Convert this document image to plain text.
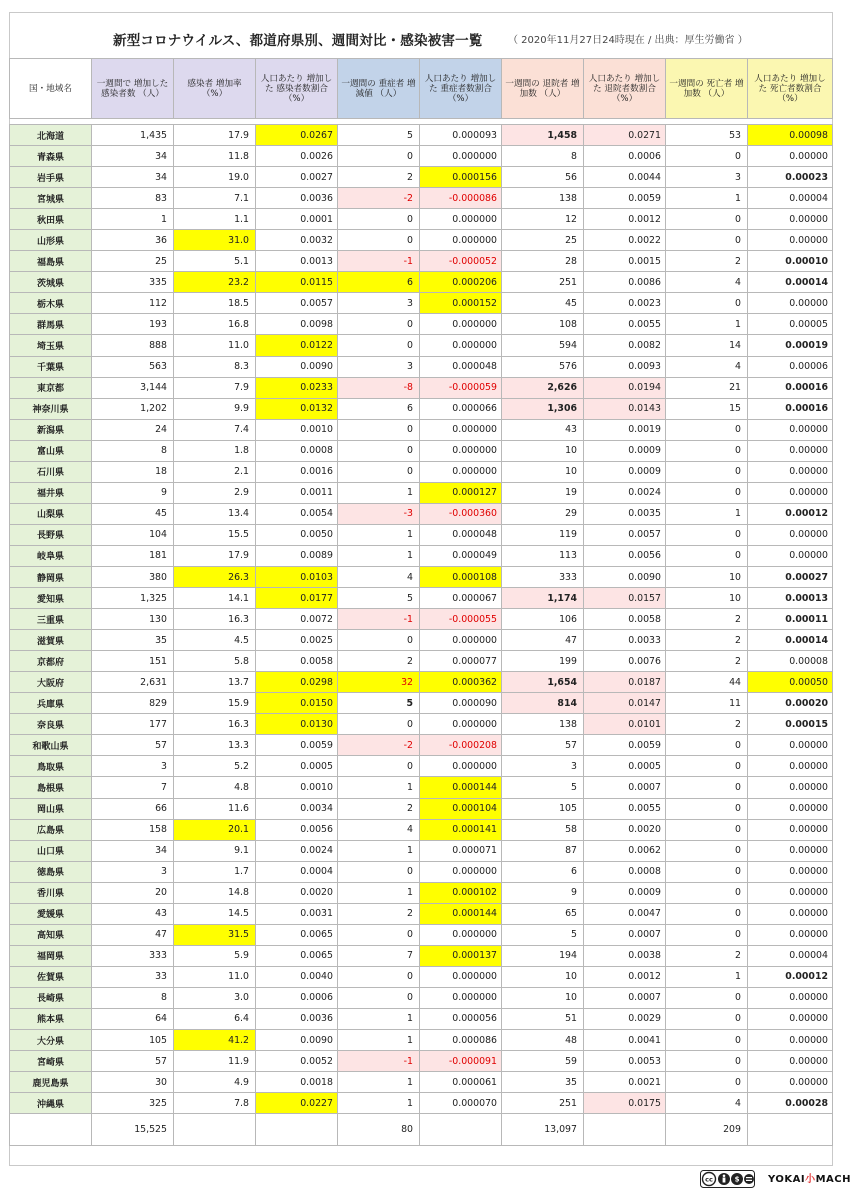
新型コロナウイルス、都道府県別、週間対比・感染被害一覧	（ 2020年11月27日24時現在 / 出典：厚生労働省 ）
国・地域名	一週間で 増加した 感染者数 （人）	感染者 増加率 （%）	人口あたり 増加した 感染者数割合 （%）	一週間の 重症者 増減値 （人）	人口あたり 増加した 重症者数割合 （%）	一週間の 退院者 増加数 （人）	人口あたり 増加した 退院者数割合 （%）	一週間の 死亡者 増加数 （人）	人口あたり 増加した 死亡者数割合 （%）

北海道	1,435	17.9	0.0267	5	0.000093	1,458	0.0271	53	0.00098
青森県	34	11.8	0.0026	0	0.000000	8	0.0006	0	0.00000
岩手県	34	19.0	0.0027	2	0.000156	56	0.0044	3	0.00023
宮城県	83	7.1	0.0036	-2	-0.000086	138	0.0059	1	0.00004
秋田県	1	1.1	0.0001	0	0.000000	12	0.0012	0	0.00000
山形県	36	31.0	0.0032	0	0.000000	25	0.0022	0	0.00000
福島県	25	5.1	0.0013	-1	-0.000052	28	0.0015	2	0.00010
茨城県	335	23.2	0.0115	6	0.000206	251	0.0086	4	0.00014
栃木県	112	18.5	0.0057	3	0.000152	45	0.0023	0	0.00000
群馬県	193	16.8	0.0098	0	0.000000	108	0.0055	1	0.00005
埼玉県	888	11.0	0.0122	0	0.000000	594	0.0082	14	0.00019
千葉県	563	8.3	0.0090	3	0.000048	576	0.0093	4	0.00006
東京都	3,144	7.9	0.0233	-8	-0.000059	2,626	0.0194	21	0.00016
神奈川県	1,202	9.9	0.0132	6	0.000066	1,306	0.0143	15	0.00016
新潟県	24	7.4	0.0010	0	0.000000	43	0.0019	0	0.00000
富山県	8	1.8	0.0008	0	0.000000	10	0.0009	0	0.00000
石川県	18	2.1	0.0016	0	0.000000	10	0.0009	0	0.00000
福井県	9	2.9	0.0011	1	0.000127	19	0.0024	0	0.00000
山梨県	45	13.4	0.0054	-3	-0.000360	29	0.0035	1	0.00012
長野県	104	15.5	0.0050	1	0.000048	119	0.0057	0	0.00000
岐阜県	181	17.9	0.0089	1	0.000049	113	0.0056	0	0.00000
静岡県	380	26.3	0.0103	4	0.000108	333	0.0090	10	0.00027
愛知県	1,325	14.1	0.0177	5	0.000067	1,174	0.0157	10	0.00013
三重県	130	16.3	0.0072	-1	-0.000055	106	0.0058	2	0.00011
滋賀県	35	4.5	0.0025	0	0.000000	47	0.0033	2	0.00014
京都府	151	5.8	0.0058	2	0.000077	199	0.0076	2	0.00008
大阪府	2,631	13.7	0.0298	32	0.000362	1,654	0.0187	44	0.00050
兵庫県	829	15.9	0.0150	5	0.000090	814	0.0147	11	0.00020
奈良県	177	16.3	0.0130	0	0.000000	138	0.0101	2	0.00015
和歌山県	57	13.3	0.0059	-2	-0.000208	57	0.0059	0	0.00000
鳥取県	3	5.2	0.0005	0	0.000000	3	0.0005	0	0.00000
島根県	7	4.8	0.0010	1	0.000144	5	0.0007	0	0.00000
岡山県	66	11.6	0.0034	2	0.000104	105	0.0055	0	0.00000
広島県	158	20.1	0.0056	4	0.000141	58	0.0020	0	0.00000
山口県	34	9.1	0.0024	1	0.000071	87	0.0062	0	0.00000
徳島県	3	1.7	0.0004	0	0.000000	6	0.0008	0	0.00000
香川県	20	14.8	0.0020	1	0.000102	9	0.0009	0	0.00000
愛媛県	43	14.5	0.0031	2	0.000144	65	0.0047	0	0.00000
高知県	47	31.5	0.0065	0	0.000000	5	0.0007	0	0.00000
福岡県	333	5.9	0.0065	7	0.000137	194	0.0038	2	0.00004
佐賀県	33	11.0	0.0040	0	0.000000	10	0.0012	1	0.00012
長崎県	8	3.0	0.0006	0	0.000000	10	0.0007	0	0.00000
熊本県	64	6.4	0.0036	1	0.000056	51	0.0029	0	0.00000
大分県	105	41.2	0.0090	1	0.000086	48	0.0041	0	0.00000
宮崎県	57	11.9	0.0052	-1	-0.000091	59	0.0053	0	0.00000
鹿児島県	30	4.9	0.0018	1	0.000061	35	0.0021	0	0.00000
沖縄県	325	7.8	0.0227	1	0.000070	251	0.0175	4	0.00028
	15,525			80		13,097		209	
cc	$	YOKAI小MACH
